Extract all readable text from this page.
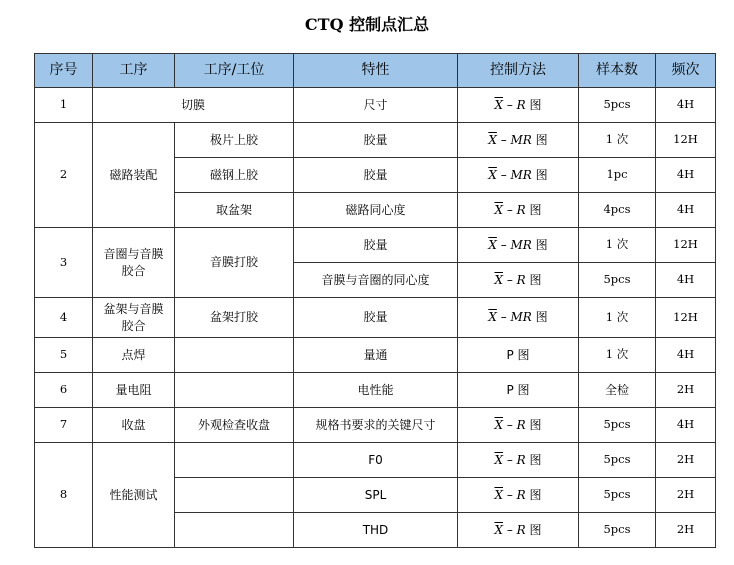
CTQ 控制点汇总
序号	工序	工序/工位	特性	控制方法	样本数	频次
1	切膜		尺寸	$\overline{X}$ – R 图	5pcs	4H
2	磁路装配	极片上胶	胶量	$\overline{X}$ – MR 图	1 次	12H
		磁钢上胶	胶量	$\overline{X}$ – MR 图	1pc	4H
		取盆架	磁路同心度	$\overline{X}$ – R 图	4pcs	4H
3	音圈与音膜胶合	音膜打胶	胶量	$\overline{X}$ – MR 图	1 次	12H
			音膜与音圈的同心度	$\overline{X}$ – R 图	5pcs	4H
4	盆架与音膜胶合	盆架打胶	胶量	$\overline{X}$ – MR 图	1 次	12H
5	点焊		量通	P 图	1 次	4H
6	量电阻		电性能	P 图	全检	2H
7	收盘	外观检查收盘	规格书要求的关键尺寸	$\overline{X}$ – R 图	5pcs	4H
8	性能测试		F0	$\overline{X}$ – R 图	5pcs	2H
			SPL	$\overline{X}$ – R 图	5pcs	2H
			THD	$\overline{X}$ – R 图	5pcs	2H
